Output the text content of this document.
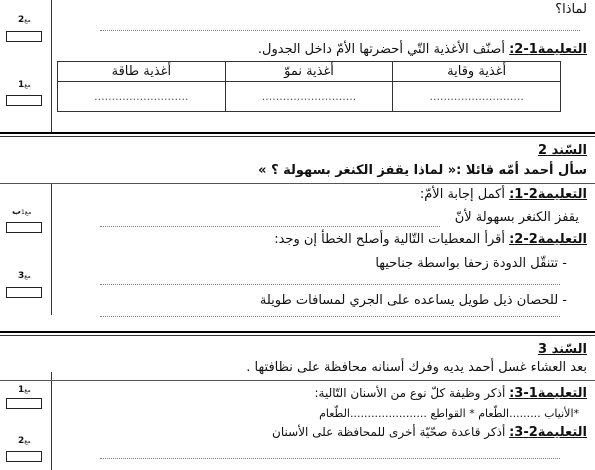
2مع
1مع
مع1ب
3مع
1مع
2مع
لماذا؟
التعليمة1-2: أصنّف الأغذية التّي أحضرتها الأمّ داخل الجدول.
أغذية وقاية	أغذية نموّ	أغذية طاقة
...........................	...........................	...........................
السّند 2
سأل أحمد أمّه قائلا :« لماذا يقفز الكنغر بسهولة ؟ »
التعليمة2-1: أكمل إجابة الأمّ:
يقفز الكنغر بسهولة لأنّ
التعليمة2-2: أقرأ المعطيات التّالية وأصلح الخطأ إن وجد:
- تتنقّل الدودة زحفا بواسطة جناحيها
- للحصان ذيل طويل يساعده على الجري لمسافات طويلة
السّند 3
بعد العشاء غسل أحمد يديه وفرك أسنانه محافظة على نظافتها .
التعليمة1-3: أذكر وظيفة كلّ نوع من الأسنان التّالية:
*الأنياب .........الطّعام * القواطع ......................الطّعام
التعليمة2-3: أذكر قاعدة صحّيّة أخرى للمحافظة على الأسنان
